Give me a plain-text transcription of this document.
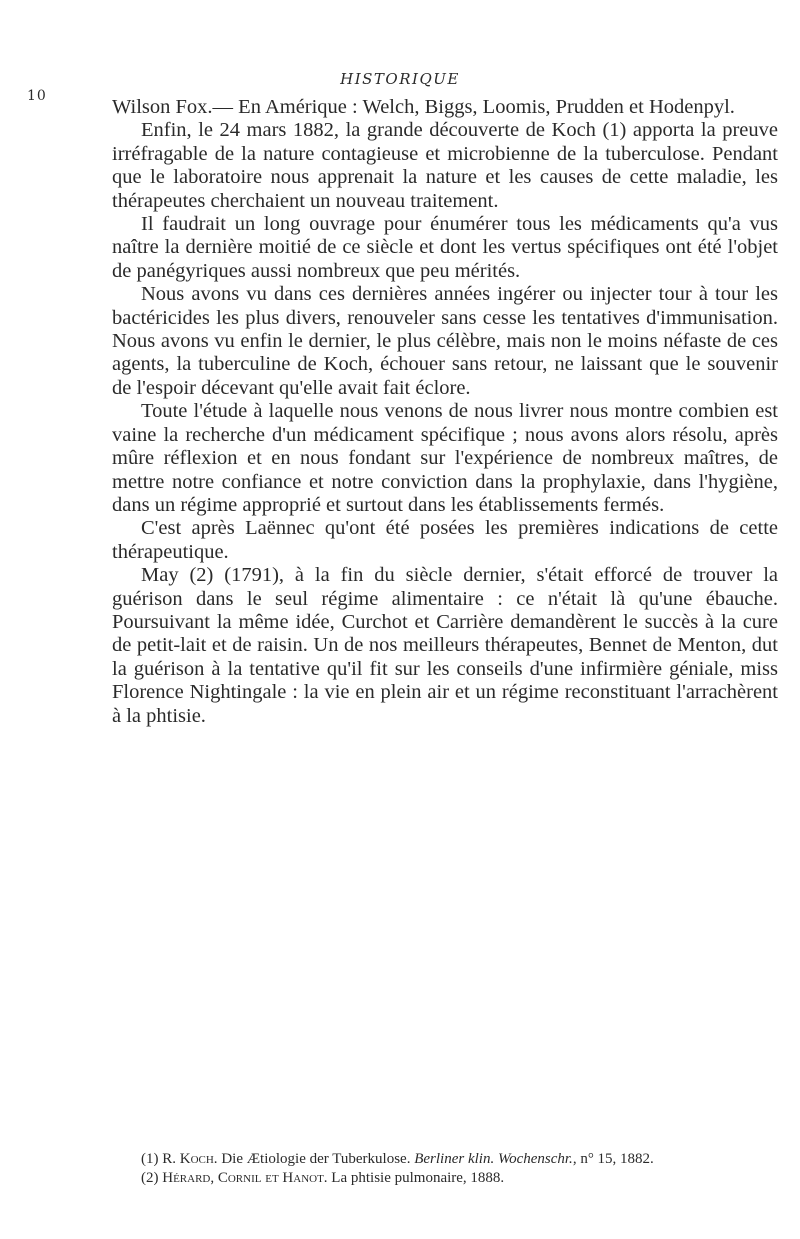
10
HISTORIQUE

Wilson Fox.— En Amérique : Welch, Biggs, Loomis, Prudden et Hodenpyl.

Enfin, le 24 mars 1882, la grande découverte de Koch (1) apporta la preuve irréfragable de la nature contagieuse et microbienne de la tuberculose. Pendant que le laboratoire nous apprenait la nature et les causes de cette maladie, les thérapeutes cherchaient un nouveau traitement.

Il faudrait un long ouvrage pour énumérer tous les médicaments qu'a vus naître la dernière moitié de ce siècle et dont les vertus spécifiques ont été l'objet de panégyriques aussi nombreux que peu mérités.

Nous avons vu dans ces dernières années ingérer ou injecter tour à tour les bactéricides les plus divers, renouveler sans cesse les tentatives d'immunisation. Nous avons vu enfin le dernier, le plus célèbre, mais non le moins néfaste de ces agents, la tuberculine de Koch, échouer sans retour, ne laissant que le souvenir de l'espoir décevant qu'elle avait fait éclore.

Toute l'étude à laquelle nous venons de nous livrer nous montre combien est vaine la recherche d'un médicament spécifique ; nous avons alors résolu, après mûre réflexion et en nous fondant sur l'expérience de nombreux maîtres, de mettre notre confiance et notre conviction dans la prophylaxie, dans l'hygiène, dans un régime approprié et surtout dans les établissements fermés.

C'est après Laënnec qu'ont été posées les premières indications de cette thérapeutique.

May (2) (1791), à la fin du siècle dernier, s'était efforcé de trouver la guérison dans le seul régime alimentaire : ce n'était là qu'une ébauche. Poursuivant la même idée, Curchot et Carrière demandèrent le succès à la cure de petit-lait et de raisin. Un de nos meilleurs thérapeutes, Bennet de Menton, dut la guérison à la tentative qu'il fit sur les conseils d'une infirmière géniale, miss Florence Nightingale : la vie en plein air et un régime reconstituant l'arrachèrent à la phtisie.

(1) R. Koch. Die Ætiologie der Tuberkulose. Berliner klin. Wochenschr., n° 15, 1882.

(2) Hérard, Cornil et Hanot. La phtisie pulmonaire, 1888.
